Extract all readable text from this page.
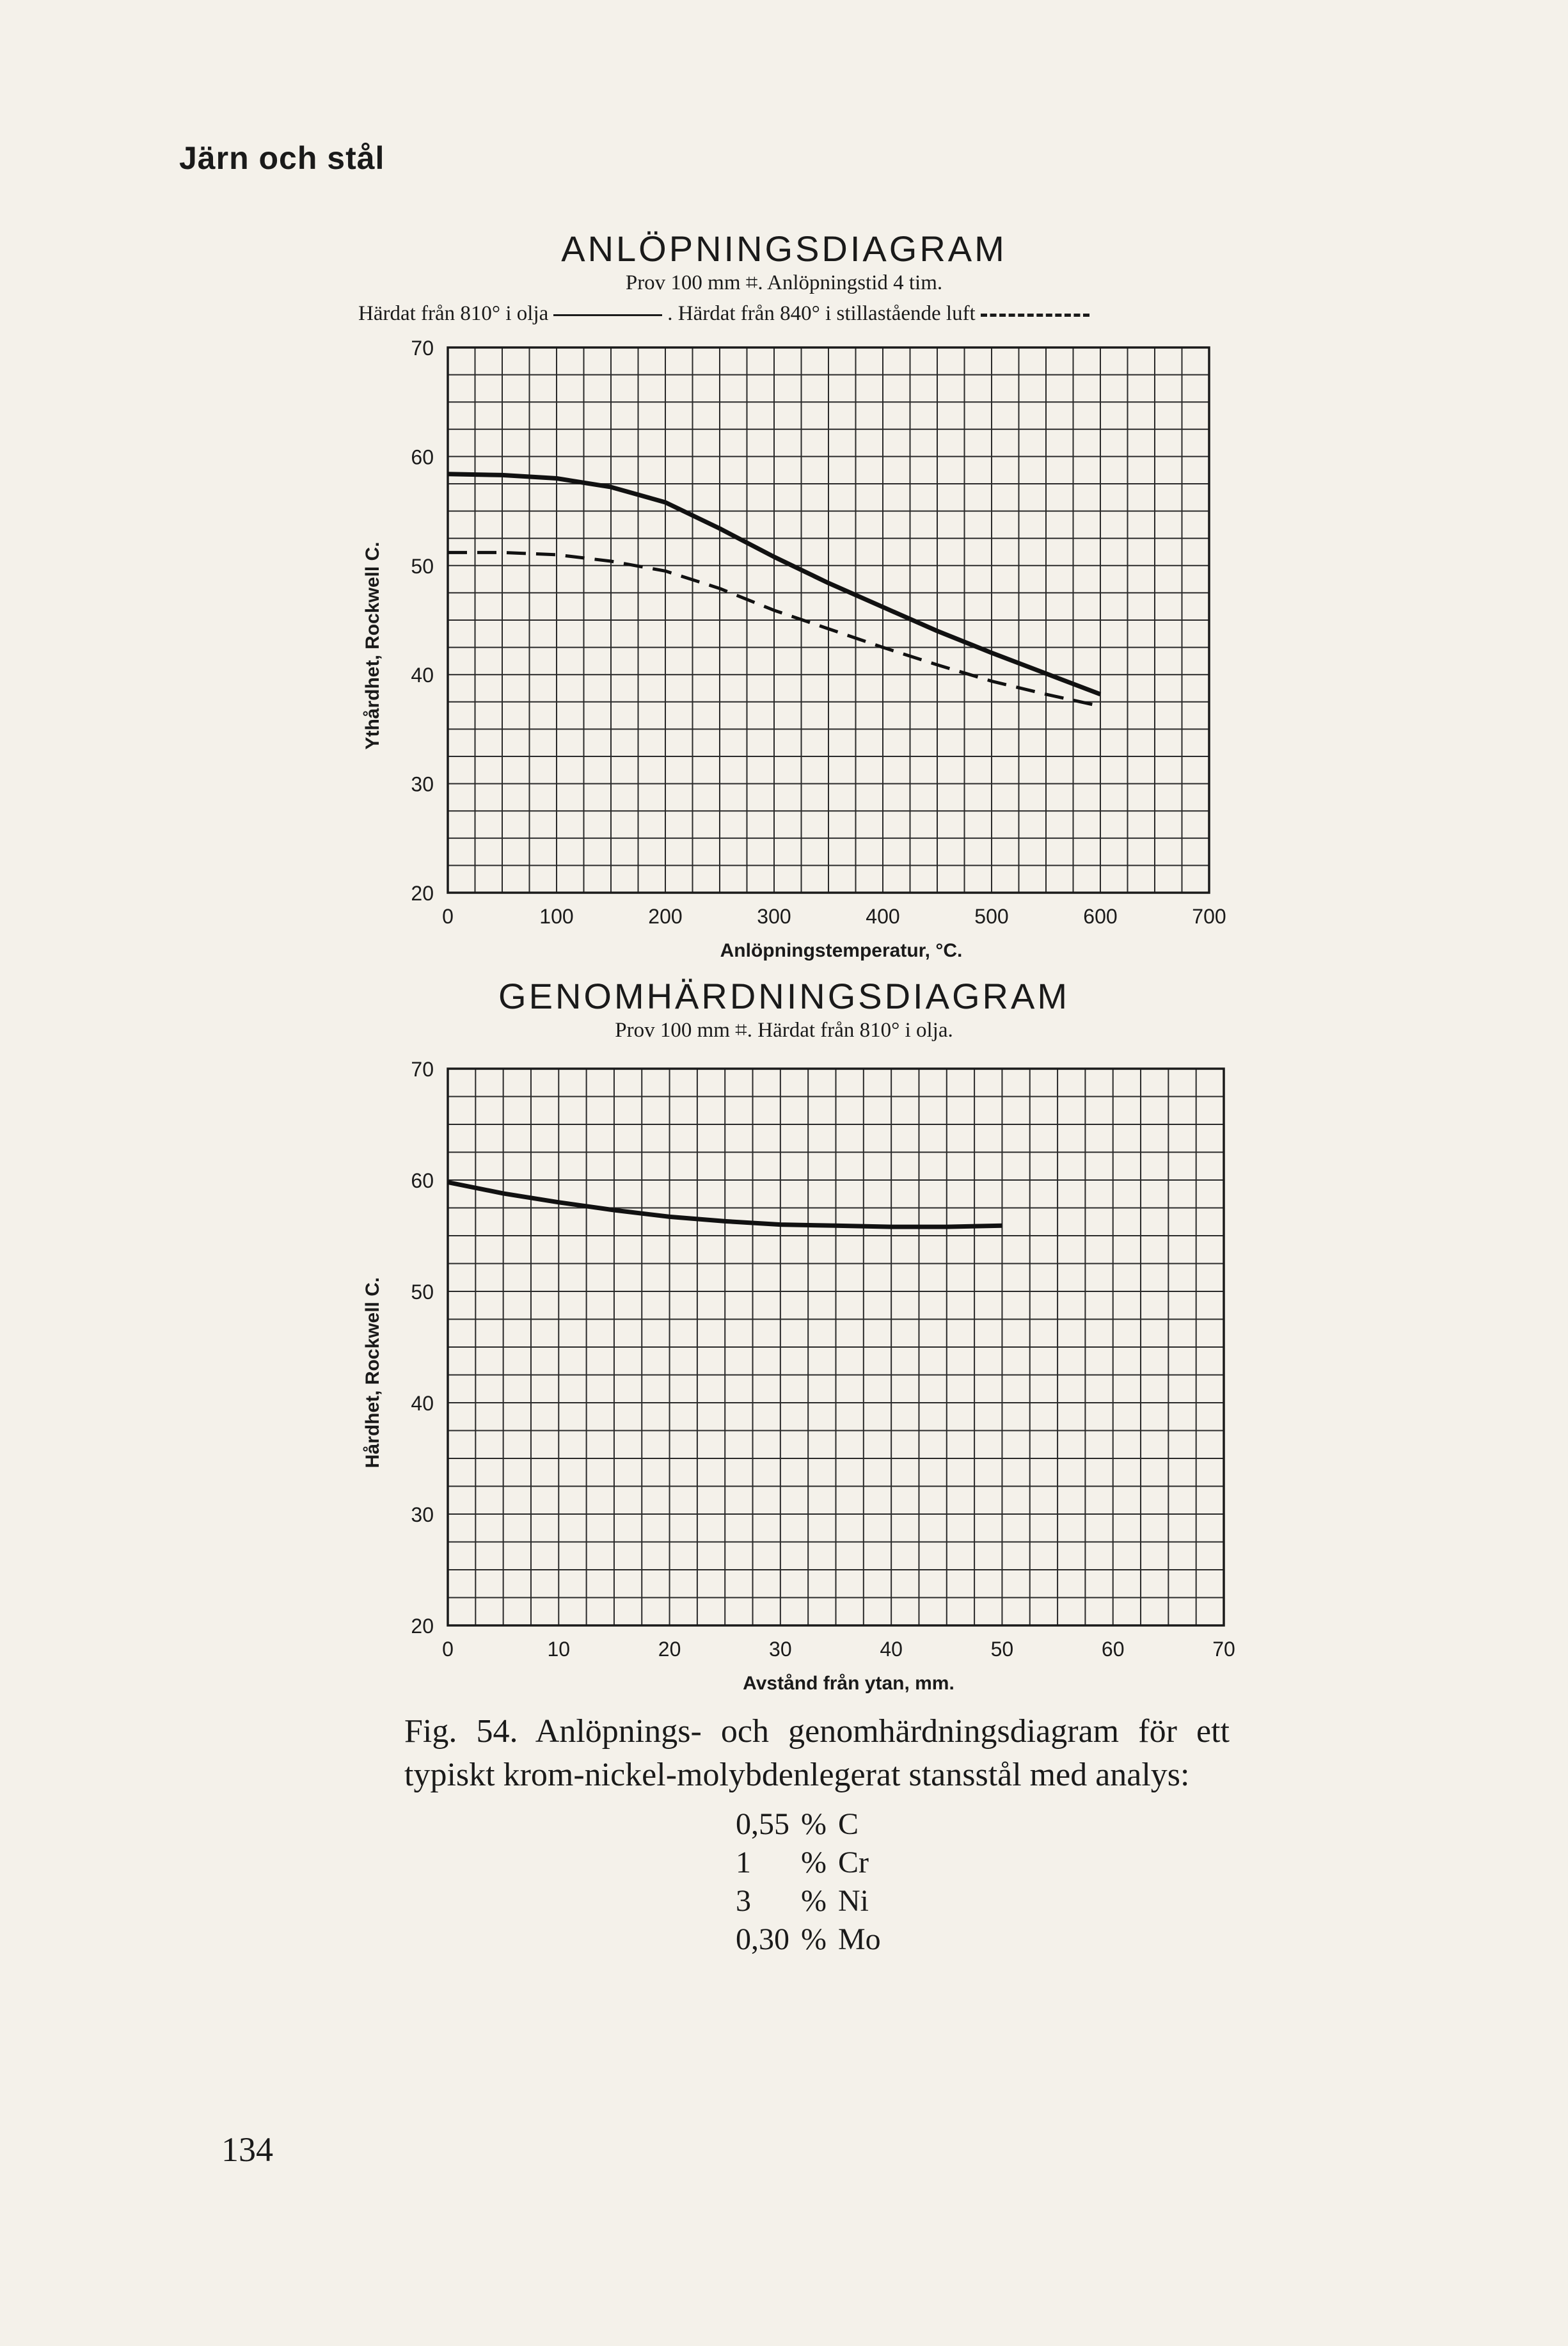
Järn och stål
ANLÖPNINGSDIAGRAM

Prov 100 mm ⌗. Anlöpningstid 4 tim.

Härdat från 810° i olja	. Härdat från 840° i stillastående luft
20
30
40
50
60
70
0	100	200	300	400	500	600	700
Anlöpningstemperatur, °C.
Ythårdhet, Rockwell C.
GENOMHÄRDNINGSDIAGRAM

Prov 100 mm ⌗. Härdat från 810° i olja.

20
30
40
50
60
70
0	10	20	30	40	50	60	70
Avstånd från ytan, mm.
Hårdhet, Rockwell C.
Fig. 54. Anlöpnings- och genomhärdningsdiagram för ett typiskt krom-nickel-molybdenlegerat stansstål med analys:
0,55	%	C
1	%	Cr
3	%	Ni
0,30	%	Mo
134
